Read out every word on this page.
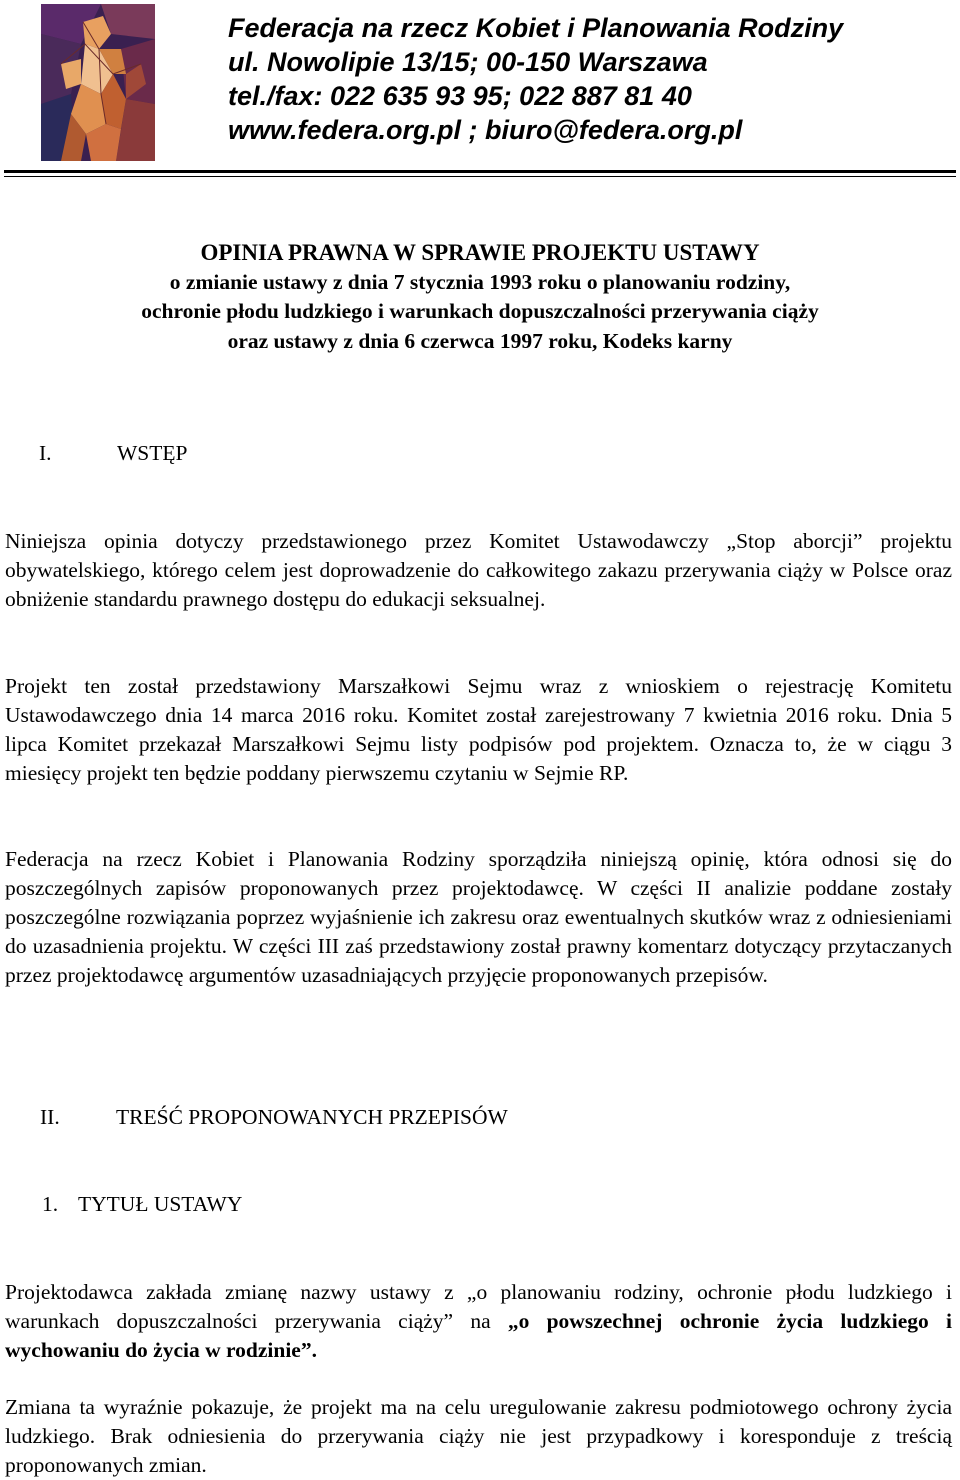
Federacja na rzecz Kobiet i Planowania Rodziny
ul. Nowolipie 13/15; 00-150 Warszawa
tel./fax: 022 635 93 95; 022 887 81 40
www.federa.org.pl ; biuro@federa.org.pl
OPINIA PRAWNA W SPRAWIE PROJEKTU USTAWY
o zmianie ustawy z dnia 7 stycznia 1993 roku o planowaniu rodziny,
ochronie płodu ludzkiego i warunkach dopuszczalności przerywania ciąży
oraz ustawy z dnia 6 czerwca 1997 roku, Kodeks karny
I.	WSTĘP

Niniejsza opinia dotyczy przedstawionego przez Komitet Ustawodawczy „Stop aborcji” projektu obywatelskiego, którego celem jest doprowadzenie do całkowitego zakazu przerywania ciąży w Polsce oraz obniżenie standardu prawnego dostępu do edukacji seksualnej.

Projekt ten został przedstawiony Marszałkowi Sejmu wraz z wnioskiem o rejestrację Komitetu Ustawodawczego dnia 14 marca 2016 roku. Komitet został zarejestrowany 7 kwietnia 2016 roku. Dnia 5 lipca Komitet przekazał Marszałkowi Sejmu listy podpisów pod projektem. Oznacza to, że w ciągu 3 miesięcy projekt ten będzie poddany pierwszemu czytaniu w Sejmie RP.

Federacja na rzecz Kobiet i Planowania Rodziny sporządziła niniejszą opinię, która odnosi się do poszczególnych zapisów proponowanych przez projektodawcę. W części II analizie poddane zostały poszczególne rozwiązania poprzez wyjaśnienie ich zakresu oraz ewentualnych skutków wraz z odniesieniami do uzasadnienia projektu. W części III zaś przedstawiony został prawny komentarz dotyczący przytaczanych przez projektodawcę argumentów uzasadniających przyjęcie proponowanych przepisów.

II.	TREŚĆ PROPONOWANYCH PRZEPISÓW
1. TYTUŁ USTAWY

Projektodawca zakłada zmianę nazwy ustawy z „o planowaniu rodziny, ochronie płodu ludzkiego i warunkach dopuszczalności przerywania ciąży” na „o powszechnej ochronie życia ludzkiego i wychowaniu do życia w rodzinie”.

Zmiana ta wyraźnie pokazuje, że projekt ma na celu uregulowanie zakresu podmiotowego ochrony życia ludzkiego. Brak odniesienia do przerywania ciąży nie jest przypadkowy i koresponduje z treścią proponowanych zmian.
